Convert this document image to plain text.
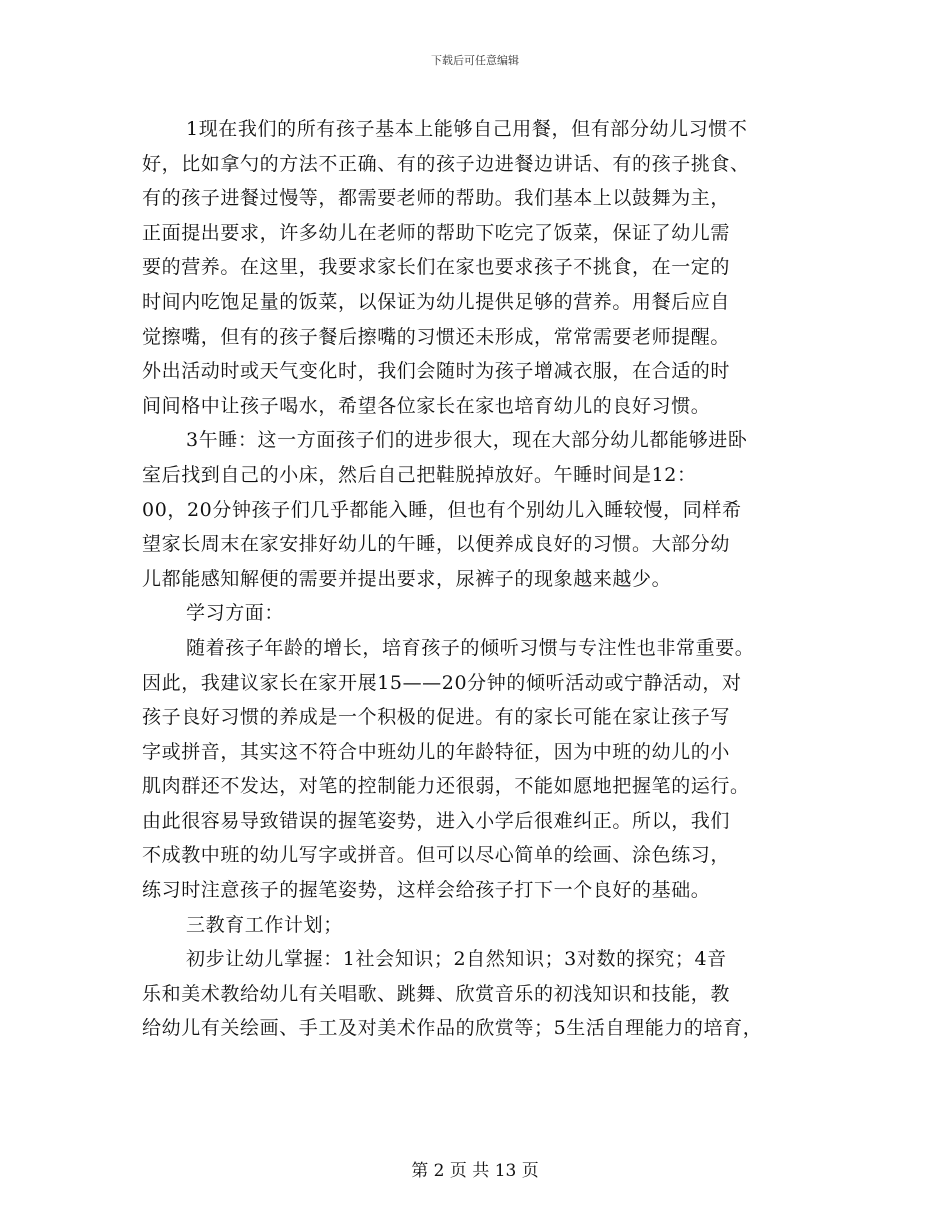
下载后可任意编辑
1现在我们的所有孩子基本上能够自己用餐，但有部分幼儿习惯不
好，比如拿勺的方法不正确、有的孩子边进餐边讲话、有的孩子挑食、
有的孩子进餐过慢等，都需要老师的帮助。我们基本上以鼓舞为主，
正面提出要求，许多幼儿在老师的帮助下吃完了饭菜，保证了幼儿需
要的营养。在这里，我要求家长们在家也要求孩子不挑食，在一定的
时间内吃饱足量的饭菜，以保证为幼儿提供足够的营养。用餐后应自
觉擦嘴，但有的孩子餐后擦嘴的习惯还未形成，常常需要老师提醒。
外出活动时或天气变化时，我们会随时为孩子增减衣服，在合适的时
间间格中让孩子喝水，希望各位家长在家也培育幼儿的良好习惯。
3午睡：这一方面孩子们的进步很大，现在大部分幼儿都能够进卧
室后找到自己的小床，然后自己把鞋脱掉放好。午睡时间是12：
00，20分钟孩子们几乎都能入睡，但也有个别幼儿入睡较慢，同样希
望家长周末在家安排好幼儿的午睡，以便养成良好的习惯。大部分幼
儿都能感知解便的需要并提出要求，尿裤子的现象越来越少。
学习方面：
随着孩子年龄的增长，培育孩子的倾听习惯与专注性也非常重要。
因此，我建议家长在家开展15——20分钟的倾听活动或宁静活动，对
孩子良好习惯的养成是一个积极的促进。有的家长可能在家让孩子写
字或拼音，其实这不符合中班幼儿的年龄特征，因为中班的幼儿的小
肌肉群还不发达，对笔的控制能力还很弱，不能如愿地把握笔的运行。
由此很容易导致错误的握笔姿势，进入小学后很难纠正。所以，我们
不成教中班的幼儿写字或拼音。但可以尽心简单的绘画、涂色练习，
练习时注意孩子的握笔姿势，这样会给孩子打下一个良好的基础。
三教育工作计划；
初步让幼儿掌握：1社会知识；2自然知识；3对数的探究；4音
乐和美术教给幼儿有关唱歌、跳舞、欣赏音乐的初浅知识和技能，教
给幼儿有关绘画、手工及对美术作品的欣赏等；5生活自理能力的培育，
第 2 页 共 13 页
